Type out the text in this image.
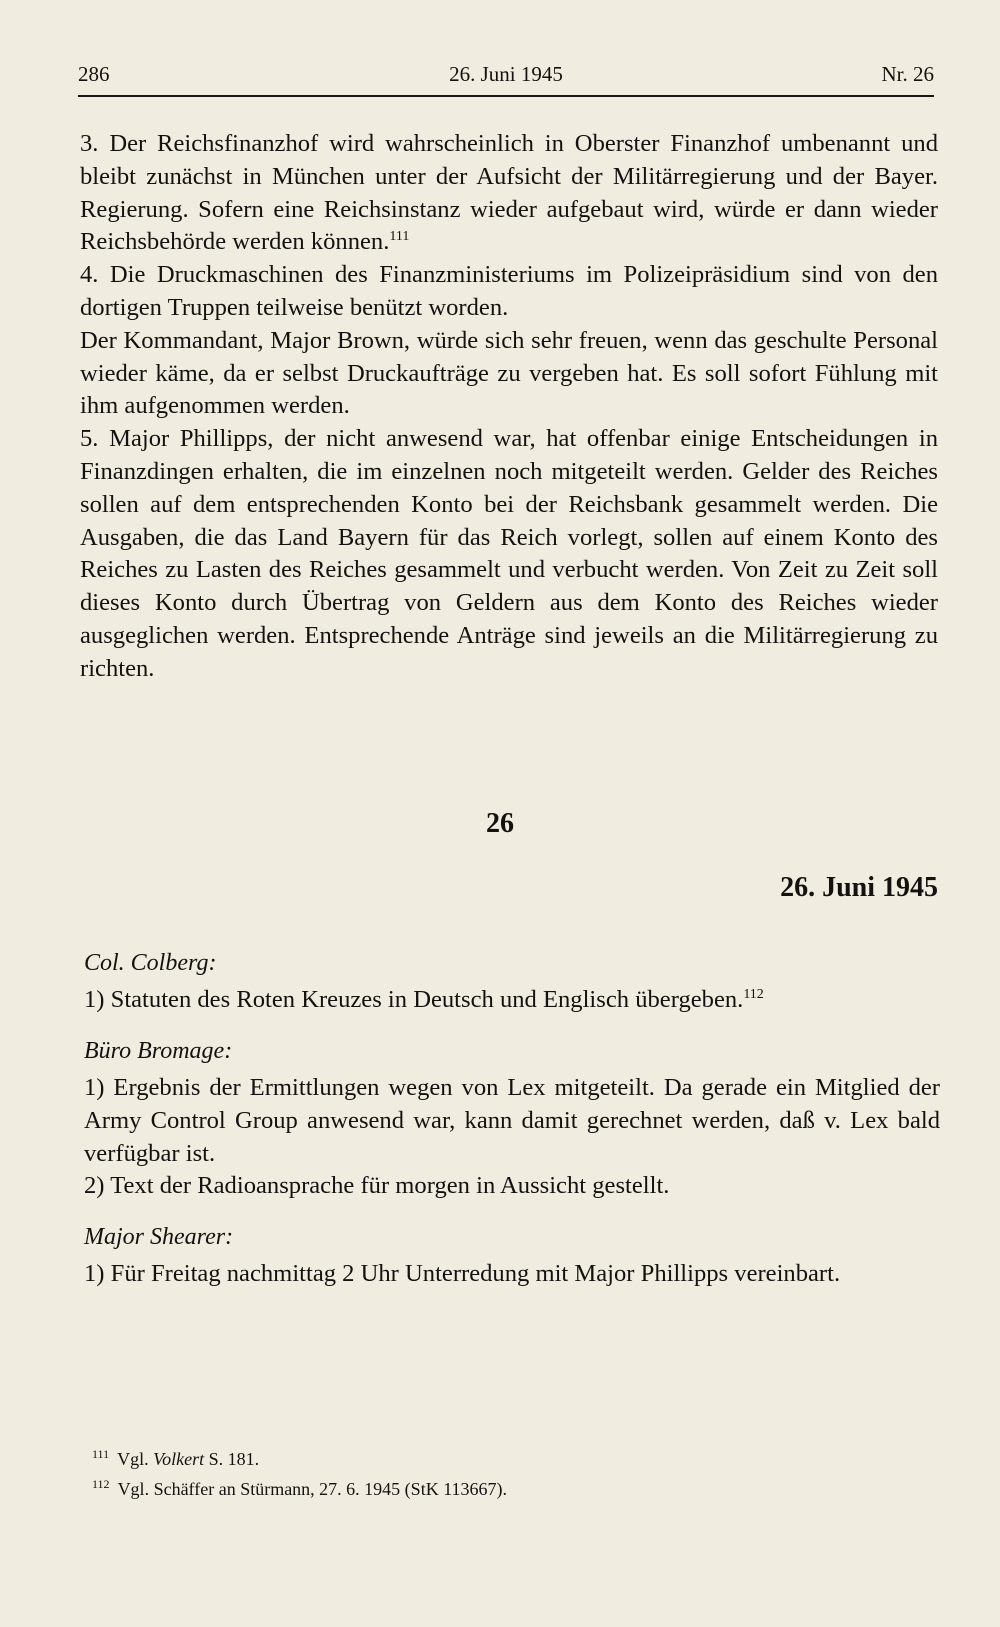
26. Juni 1945
286	Nr. 26

3. Der Reichsfinanzhof wird wahrscheinlich in Oberster Finanzhof umbenannt und bleibt zunächst in München unter der Aufsicht der Militärregierung und der Bayer. Regierung. Sofern eine Reichsinstanz wieder aufgebaut wird, würde er dann wieder Reichsbehörde werden können.$^{111}$

4. Die Druckmaschinen des Finanzministeriums im Polizeipräsidium sind von den dortigen Truppen teilweise benützt worden.

Der Kommandant, Major Brown, würde sich sehr freuen, wenn das geschulte Personal wieder käme, da er selbst Druckaufträge zu vergeben hat. Es soll sofort Fühlung mit ihm aufgenommen werden.

5. Major Phillipps, der nicht anwesend war, hat offenbar einige Entscheidungen in Finanzdingen erhalten, die im einzelnen noch mitgeteilt werden. Gelder des Reiches sollen auf dem entsprechenden Konto bei der Reichsbank gesammelt werden. Die Ausgaben, die das Land Bayern für das Reich vorlegt, sollen auf einem Konto des Reiches zu Lasten des Reiches gesammelt und verbucht werden. Von Zeit zu Zeit soll dieses Konto durch Übertrag von Geldern aus dem Konto des Reiches wieder ausgeglichen werden. Entsprechende Anträge sind jeweils an die Militärregierung zu richten.

26
26. Juni 1945
Col. Colberg:

1) Statuten des Roten Kreuzes in Deutsch und Englisch übergeben.$^{112}$

Büro Bromage:

1) Ergebnis der Ermittlungen wegen von Lex mitgeteilt. Da gerade ein Mitglied der Army Control Group anwesend war, kann damit gerechnet werden, daß v. Lex bald verfügbar ist.

2) Text der Radioansprache für morgen in Aussicht gestellt.

Major Shearer:
1) Für Freitag nachmittag 2 Uhr Unterredung mit Major Phillipps vereinbart.
$^{111}$ Vgl. Volkert S. 181.
$^{112}$ Vgl. Schäffer an Stürmann, 27. 6. 1945 (StK 113667).
